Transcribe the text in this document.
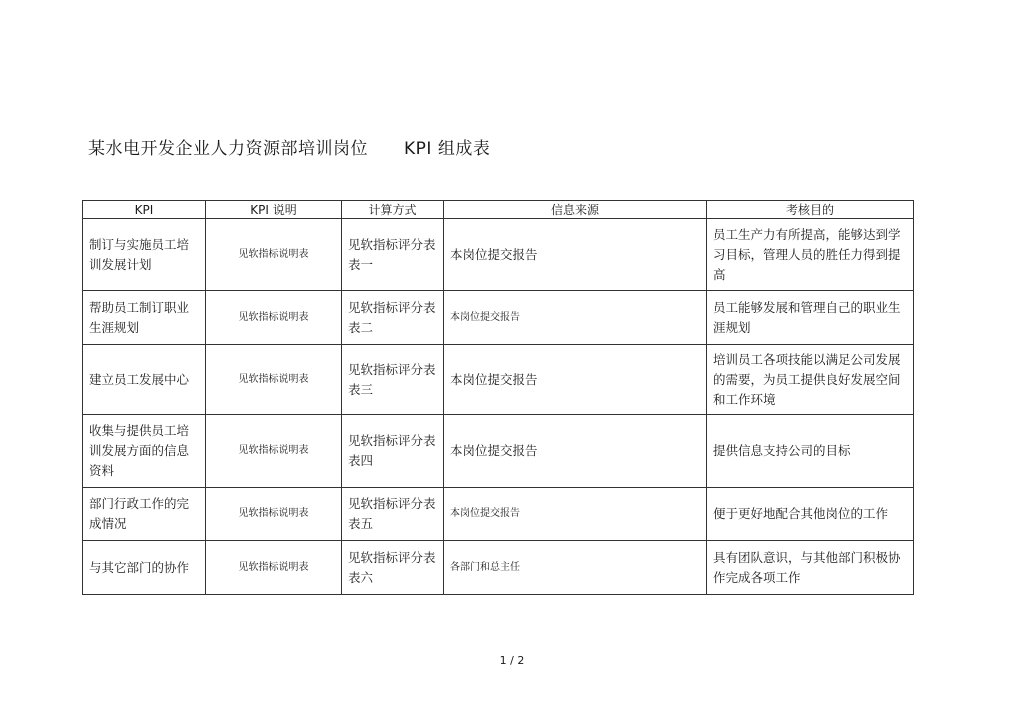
某水电开发企业人力资源部培训岗位 KPI 组成表
KPI	KPI 说明	计算方式	信息来源	考核目的
制订与实施员工培训发展计划	见软指标说明表	见软指标评分表表一	本岗位提交报告	员工生产力有所提高，能够达到学习目标，管理人员的胜任力得到提高
帮助员工制订职业生涯规划	见软指标说明表	见软指标评分表表二	本岗位提交报告	员工能够发展和管理自己的职业生涯规划
建立员工发展中心	见软指标说明表	见软指标评分表表三	本岗位提交报告	培训员工各项技能以满足公司发展的需要，为员工提供良好发展空间和工作环境
收集与提供员工培训发展方面的信息资料	见软指标说明表	见软指标评分表表四	本岗位提交报告	提供信息支持公司的目标
部门行政工作的完成情况	见软指标说明表	见软指标评分表表五	本岗位提交报告	便于更好地配合其他岗位的工作
与其它部门的协作	见软指标说明表	见软指标评分表表六	各部门和总主任	具有团队意识，与其他部门积极协作完成各项工作
1 / 2
